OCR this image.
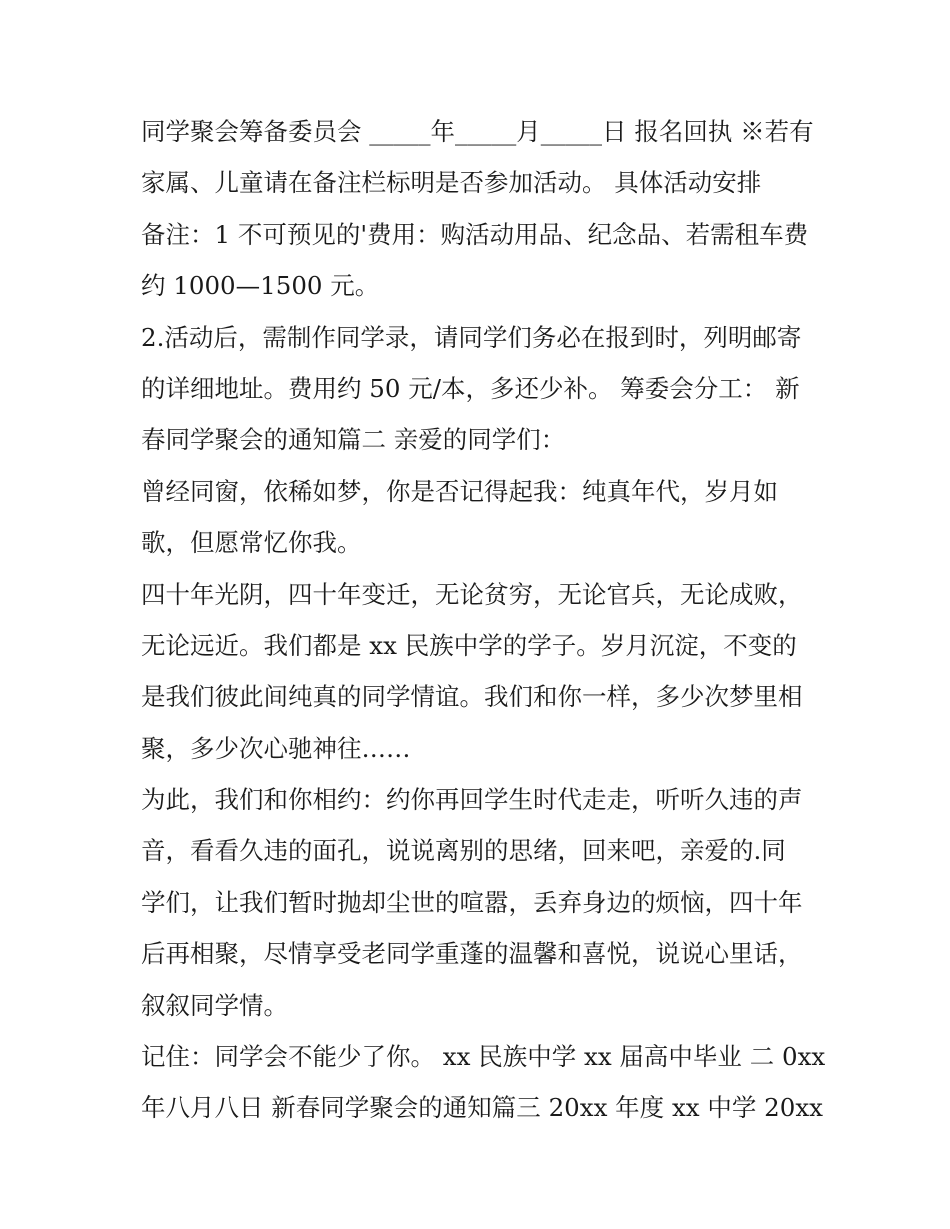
同学聚会筹备委员会 _____年_____月_____日 报名回执 ※若有
家属、儿童请在备注栏标明是否参加活动。 具体活动安排
备注：1 不可预见的'费用：购活动用品、纪念品、若需租车费
约 1000—1500 元。
2.活动后，需制作同学录，请同学们务必在报到时，列明邮寄
的详细地址。费用约 50 元/本，多还少补。 筹委会分工： 新
春同学聚会的通知篇二 亲爱的同学们：
曾经同窗，依稀如梦，你是否记得起我：纯真年代，岁月如
歌，但愿常忆你我。
四十年光阴，四十年变迁，无论贫穷，无论官兵，无论成败，
无论远近。我们都是 xx 民族中学的学子。岁月沉淀，不变的
是我们彼此间纯真的同学情谊。我们和你一样，多少次梦里相
聚，多少次心驰神往……
为此，我们和你相约：约你再回学生时代走走，听听久违的声
音，看看久违的面孔，说说离别的思绪，回来吧，亲爱的.同
学们，让我们暂时抛却尘世的喧嚣，丢弃身边的烦恼，四十年
后再相聚，尽情享受老同学重蓬的温馨和喜悦，说说心里话，
叙叙同学情。
记住：同学会不能少了你。 xx 民族中学 xx 届高中毕业 二 0xx
年八月八日 新春同学聚会的通知篇三 20xx 年度 xx 中学 20xx
